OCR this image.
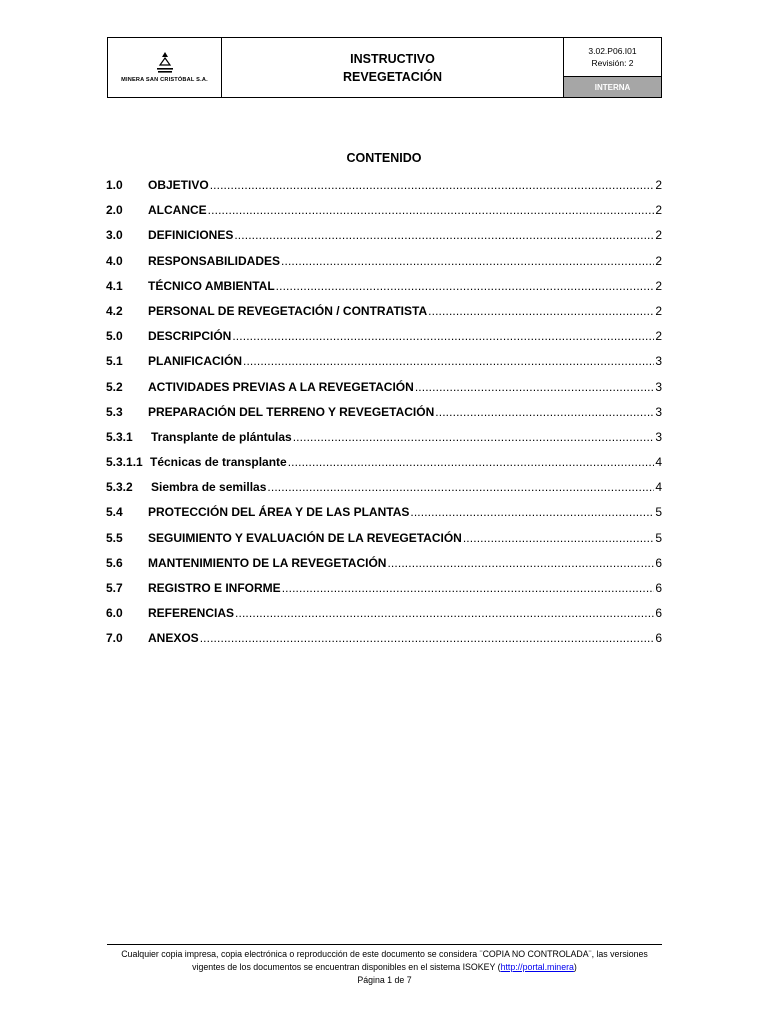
MINERA SAN CRISTÓBAL S.A.
INSTRUCTIVO
REVEGETACIÓN
3.02.P06.I01
Revisión: 2
INTERNA
CONTENIDO
1.0	OBJETIVO . . .	2
2.0	ALCANCE . . .	2
3.0	DEFINICIONES . . .	2
4.0	RESPONSABILIDADES . . .	2
4.1	TÉCNICO AMBIENTAL . . .	2
4.2	PERSONAL DE REVEGETACIÓN / CONTRATISTA . . .	2
5.0	DESCRIPCIÓN . . .	2
5.1	PLANIFICACIÓN . . .	3
5.2	ACTIVIDADES PREVIAS A LA REVEGETACIÓN . . .	3
5.3	PREPARACIÓN DEL TERRENO Y REVEGETACIÓN . . .	3
5.3.1	Transplante de plántulas . . .	3
5.3.1.1 Técnicas de transplante . . .	4
5.3.2	Siembra de semillas . . .	4
5.4	PROTECCIÓN DEL ÁREA Y DE LAS PLANTAS . . .	5
5.5	SEGUIMIENTO Y EVALUACIÓN DE LA REVEGETACIÓN . . .	5
5.6	MANTENIMIENTO DE LA REVEGETACIÓN . . .	6
5.7	REGISTRO E INFORME . . .	6
6.0	REFERENCIAS . . .	6
7.0	ANEXOS . . .	6
Cualquier copia impresa, copia electrónica o reproducción de este documento se considera ¨COPIA NO CONTROLADA¨, las versiones
vigentes de los documentos se encuentran disponibles en el sistema ISOKEY (http://portal.minera)
Página 1 de 7
